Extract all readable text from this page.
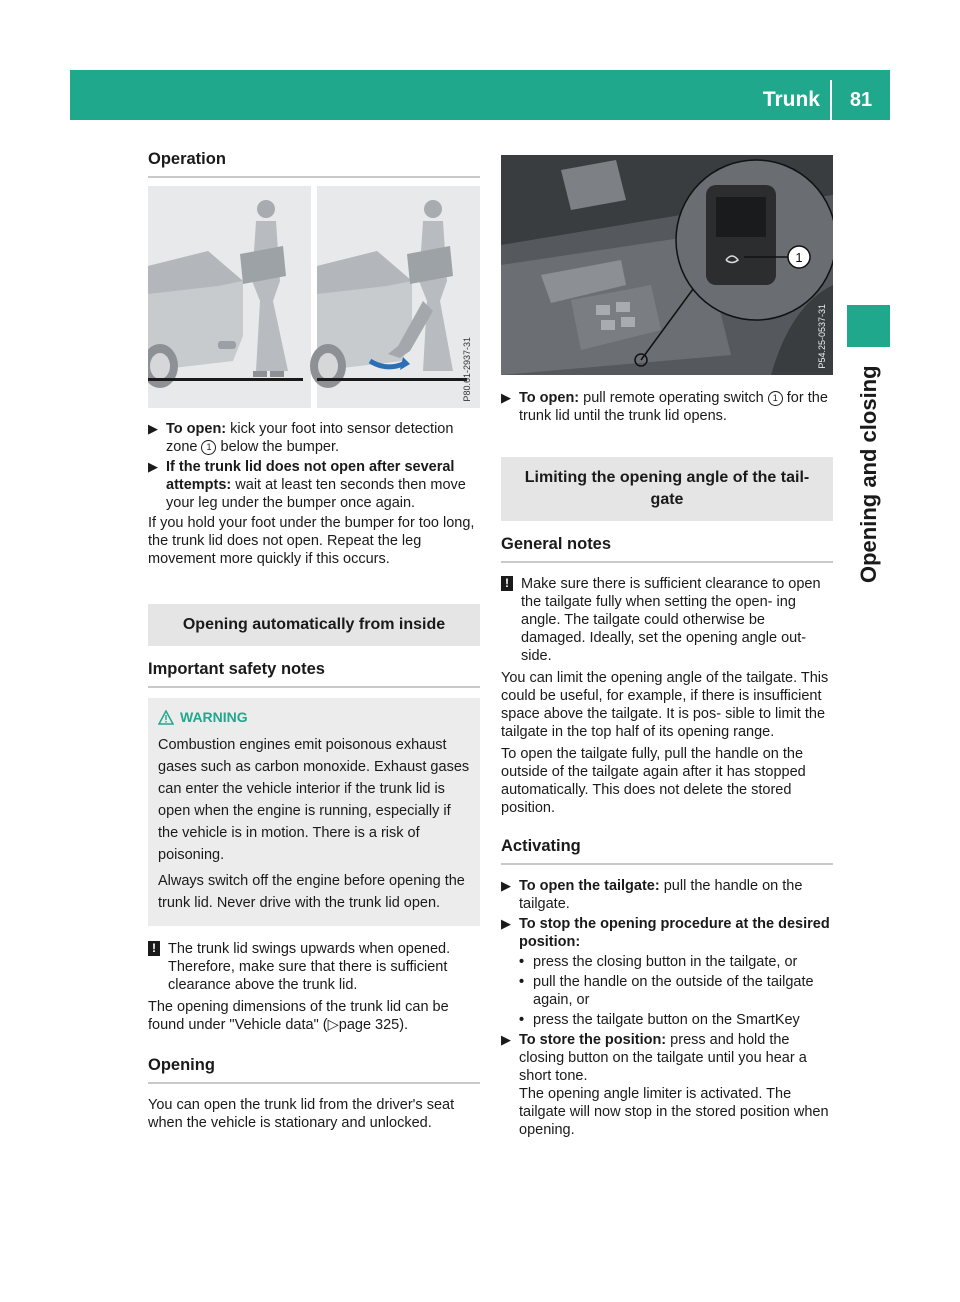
Trunk	81
Opening and closing
Operation
P80.61-2937-31

▶ To open: kick your foot into sensor detection zone 1 below the bumper.

▶ If the trunk lid does not open after several attempts: wait at least ten seconds then move your leg under the bumper once again.

If you hold your foot under the bumper for too long, the trunk lid does not open. Repeat the leg movement more quickly if this occurs.

Opening automatically from inside
Important safety notes
WARNING

Combustion engines emit poisonous exhaust gases such as carbon monoxide. Exhaust gases can enter the vehicle interior if the trunk lid is open when the engine is running, especially if the vehicle is in motion. There is a risk of poisoning.

Always switch off the engine before opening the trunk lid. Never drive with the trunk lid open.

! The trunk lid swings upwards when opened. Therefore, make sure that there is sufficient clearance above the trunk lid.

The opening dimensions of the trunk lid can be found under "Vehicle data" (▷page 325).

Opening

You can open the trunk lid from the driver's seat when the vehicle is stationary and unlocked.

1
P54.25-0537-31

▶ To open: pull remote operating switch 1 for the trunk lid until the trunk lid opens.

Limiting the opening angle of the tail- gate
General notes

! Make sure there is sufficient clearance to open the tailgate fully when setting the open- ing angle. The tailgate could otherwise be damaged. Ideally, set the opening angle out- side.

You can limit the opening angle of the tailgate. This could be useful, for example, if there is insufficient space above the tailgate. It is pos- sible to limit the tailgate in the top half of its opening range.

To open the tailgate fully, pull the handle on the outside of the tailgate again after it has stopped automatically. This does not delete the stored position.

Activating

▶ To open the tailgate: pull the handle on the tailgate.

▶ To stop the opening procedure at the desired position:

• press the closing button in the tailgate, or

• pull the handle on the outside of the tailgate again, or

• press the tailgate button on the SmartKey

▶ To store the position: press and hold the closing button on the tailgate until you hear a short tone.
The opening angle limiter is activated. The tailgate will now stop in the stored position when opening.
